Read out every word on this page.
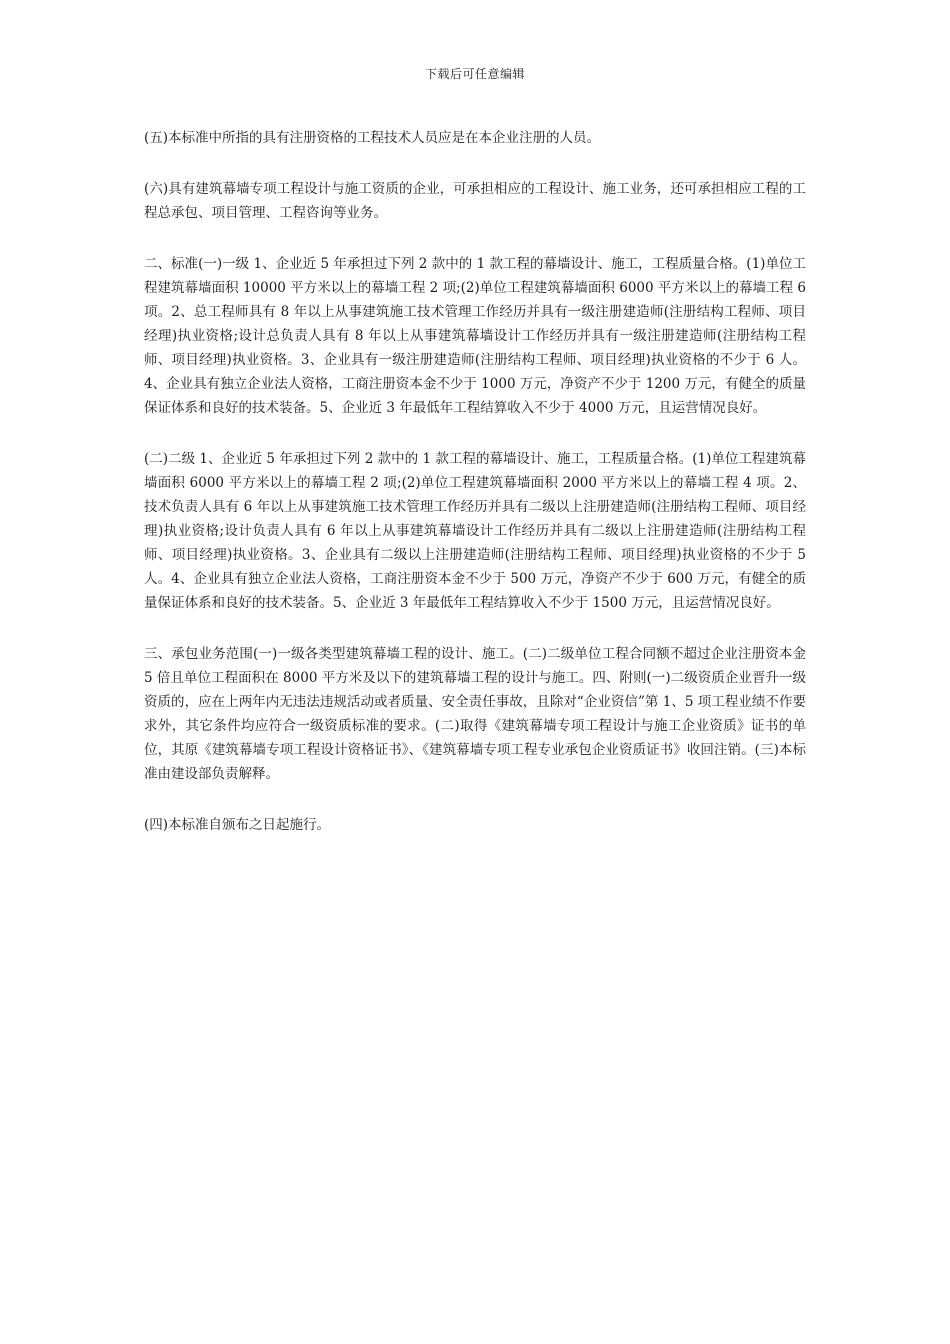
下载后可任意编辑

(五)本标准中所指的具有注册资格的工程技术人员应是在本企业注册的人员。

(六)具有建筑幕墙专项工程设计与施工资质的企业，可承担相应的工程设计、施工业务，还可承担相应工程的工程总承包、项目管理、工程咨询等业务。

二、标准(一)一级 1、企业近 5 年承担过下列 2 款中的 1 款工程的幕墙设计、施工，工程质量合格。(1)单位工程建筑幕墙面积 10000 平方米以上的幕墙工程 2 项;(2)单位工程建筑幕墙面积 6000 平方米以上的幕墙工程 6 项。2、总工程师具有 8 年以上从事建筑施工技术管理工作经历并具有一级注册建造师(注册结构工程师、项目经理)执业资格;设计总负责人具有 8 年以上从事建筑幕墙设计工作经历并具有一级注册建造师(注册结构工程师、项目经理)执业资格。3、企业具有一级注册建造师(注册结构工程师、项目经理)执业资格的不少于 6 人。4、企业具有独立企业法人资格，工商注册资本金不少于 1000 万元，净资产不少于 1200 万元，有健全的质量保证体系和良好的技术装备。5、企业近 3 年最低年工程结算收入不少于 4000 万元，且运营情况良好。

(二)二级 1、企业近 5 年承担过下列 2 款中的 1 款工程的幕墙设计、施工，工程质量合格。(1)单位工程建筑幕墙面积 6000 平方米以上的幕墙工程 2 项;(2)单位工程建筑幕墙面积 2000 平方米以上的幕墙工程 4 项。2、技术负责人具有 6 年以上从事建筑施工技术管理工作经历并具有二级以上注册建造师(注册结构工程师、项目经理)执业资格;设计负责人具有 6 年以上从事建筑幕墙设计工作经历并具有二级以上注册建造师(注册结构工程师、项目经理)执业资格。3、企业具有二级以上注册建造师(注册结构工程师、项目经理)执业资格的不少于 5 人。4、企业具有独立企业法人资格，工商注册资本金不少于 500 万元，净资产不少于 600 万元，有健全的质量保证体系和良好的技术装备。5、企业近 3 年最低年工程结算收入不少于 1500 万元，且运营情况良好。

三、承包业务范围(一)一级各类型建筑幕墙工程的设计、施工。(二)二级单位工程合同额不超过企业注册资本金 5 倍且单位工程面积在 8000 平方米及以下的建筑幕墙工程的设计与施工。四、附则(一)二级资质企业晋升一级资质的，应在上两年内无违法违规活动或者质量、安全责任事故，且除对“企业资信”第 1、5 项工程业绩不作要求外，其它条件均应符合一级资质标准的要求。(二)取得《建筑幕墙专项工程设计与施工企业资质》证书的单位，其原《建筑幕墙专项工程设计资格证书》、《建筑幕墙专项工程专业承包企业资质证书》收回注销。(三)本标准由建设部负责解释。

(四)本标准自颁布之日起施行。
